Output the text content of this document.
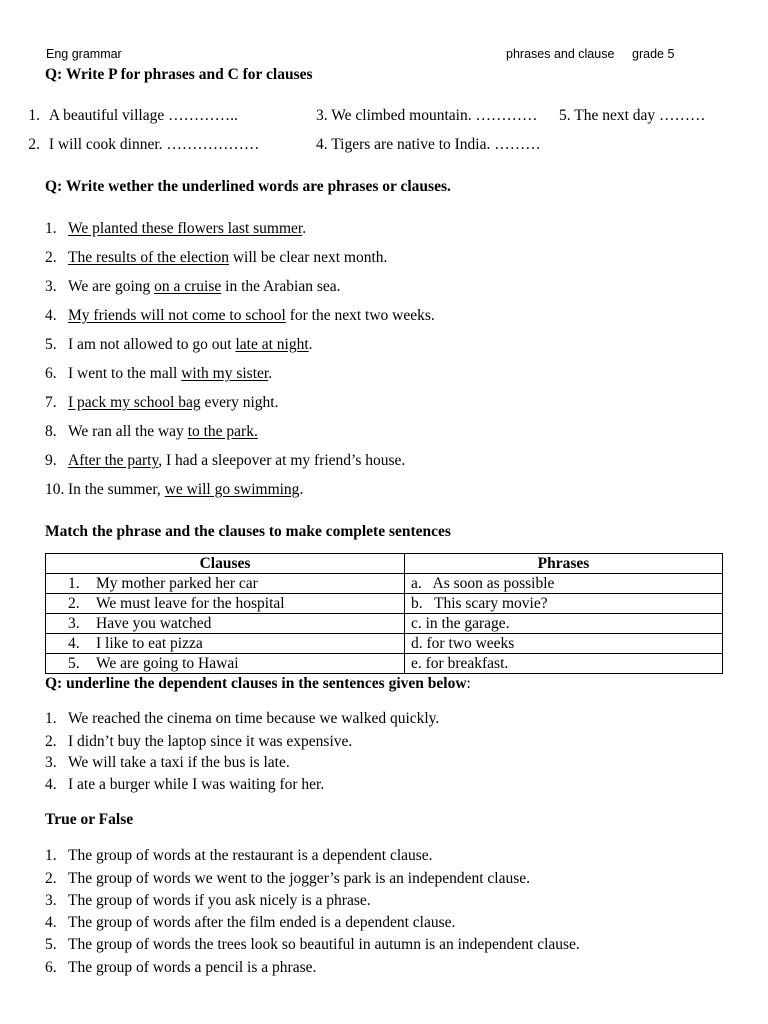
Eng grammar	phrases and clause grade 5
Q: Write P for phrases and C for clauses
1. A beautiful village …………..	3. We climbed mountain. ………… 5. The next day ………
2. I will cook dinner. ………………	4. Tigers are native to India. ………
Q: Write wether the underlined words are phrases or clauses.
1. We planted these flowers last summer.
2. The results of the election will be clear next month.
3. We are going on a cruise in the Arabian sea.
4. My friends will not come to school for the next two weeks.
5. I am not allowed to go out late at night.
6. I went to the mall with my sister.
7. I pack my school bag every night.
8. We ran all the way to the park.
9. After the party, I had a sleepover at my friend’s house.
10. In the summer, we will go swimming.
Match the phrase and the clauses to make complete sentences
Clauses	Phrases
1. My mother parked her car	a.   As soon as possible
2. We must leave for the hospital	b.   This scary movie?
3. Have you watched	c. in the garage.
4. I like to eat pizza	d. for two weeks
5. We are going to Hawai	e. for breakfast.
Q: underline the dependent clauses in the sentences given below:
1. We reached the cinema on time because we walked quickly.
2. I didn’t buy the laptop since it was expensive.
3. We will take a taxi if the bus is late.
4. I ate a burger while I was waiting for her.
True or False
1. The group of words at the restaurant is a dependent clause.
2. The group of words we went to the jogger’s park is an independent clause.
3. The group of words if you ask nicely is a phrase.
4. The group of words after the film ended is a dependent clause.
5. The group of words the trees look so beautiful in autumn is an independent clause.
6. The group of words a pencil is a phrase.
